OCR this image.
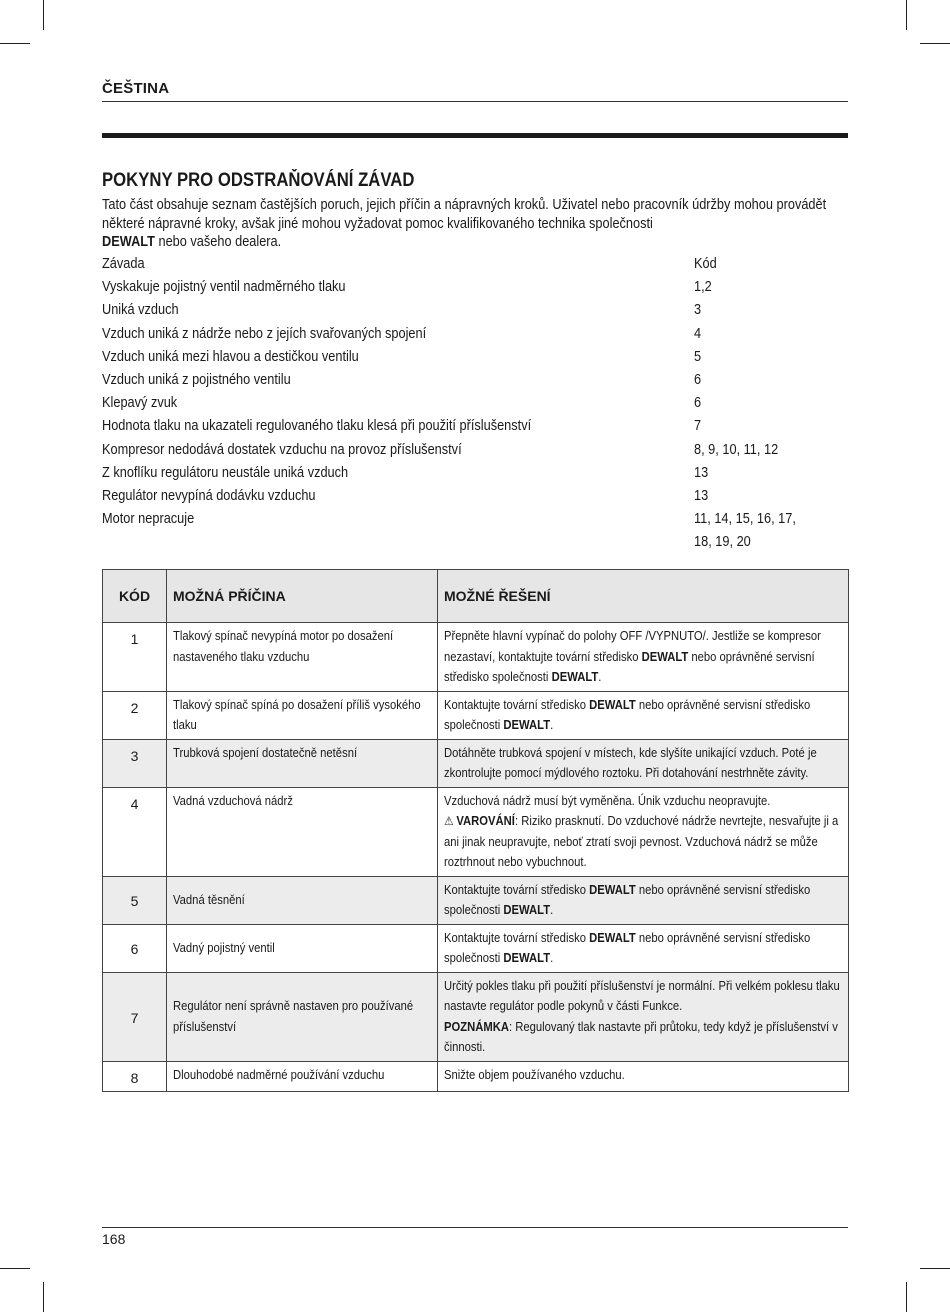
ČEŠTINA
POKYNY PRO ODSTRAŇOVÁNÍ ZÁVAD

Tato část obsahuje seznam častějších poruch, jejich příčin a nápravných kroků. Uživatel nebo pracovník údržby mohou provádět některé nápravné kroky, avšak jiné mohou vyžadovat pomoc kvalifikovaného technika společnosti
DEWALT nebo vašeho dealera.

Závada	Kód
Vyskakuje pojistný ventil nadměrného tlaku	1,2
Uniká vzduch	3
Vzduch uniká z nádrže nebo z jejích svařovaných spojení	4
Vzduch uniká mezi hlavou a destičkou ventilu	5
Vzduch uniká z pojistného ventilu	6
Klepavý zvuk	6
Hodnota tlaku na ukazateli regulovaného tlaku klesá při použití příslušenství	7
Kompresor nedodává dostatek vzduchu na provoz příslušenství	8, 9, 10, 11, 12
Z knoflíku regulátoru neustále uniká vzduch	13
Regulátor nevypíná dodávku vzduchu	13
Motor nepracuje	11, 14, 15, 16, 17,
18, 19, 20
KÓD	MOŽNÁ PŘÍČINA	MOŽNÉ ŘEŠENÍ
1	Tlakový spínač nevypíná motor po dosažení nastaveného tlaku vzduchu	Přepněte hlavní vypínač do polohy OFF /VYPNUTO/. Jestliže se kompresor nezastaví, kontaktujte tovární středisko DEWALT nebo oprávněné servisní středisko společnosti DEWALT.

2	Tlakový spínač spíná po dosažení příliš vysokého tlaku	Kontaktujte tovární středisko DEWALT nebo oprávněné servisní středisko společnosti DEWALT.

3	Trubková spojení dostatečně netěsní	Dotáhněte trubková spojení v místech, kde slyšíte unikající vzduch. Poté je zkontrolujte pomocí mýdlového roztoku. Při dotahování nestrhněte závity.

4	Vadná vzduchová nádrž	Vzduchová nádrž musí být vyměněna. Únik vzduchu neopravujte.
⚠ VAROVÁNÍ: Riziko prasknutí. Do vzduchové nádrže nevrtejte, nesvařujte ji a ani jinak neupravujte, neboť ztratí svoji pevnost. Vzduchová nádrž se může roztrhnout nebo vybuchnout.

5	Vadná těsnění	Kontaktujte tovární středisko DEWALT nebo oprávněné servisní středisko společnosti DEWALT.

6	Vadný pojistný ventil	Kontaktujte tovární středisko DEWALT nebo oprávněné servisní středisko společnosti DEWALT.

7	Regulátor není správně nastaven pro používané příslušenství	Určitý pokles tlaku při použití příslušenství je normální. Při velkém poklesu tlaku nastavte regulátor podle pokynů v části Funkce.
POZNÁMKA: Regulovaný tlak nastavte při průtoku, tedy když je příslušenství v činnosti.

8	Dlouhodobé nadměrné používání vzduchu	Snižte objem používaného vzduchu.
168
